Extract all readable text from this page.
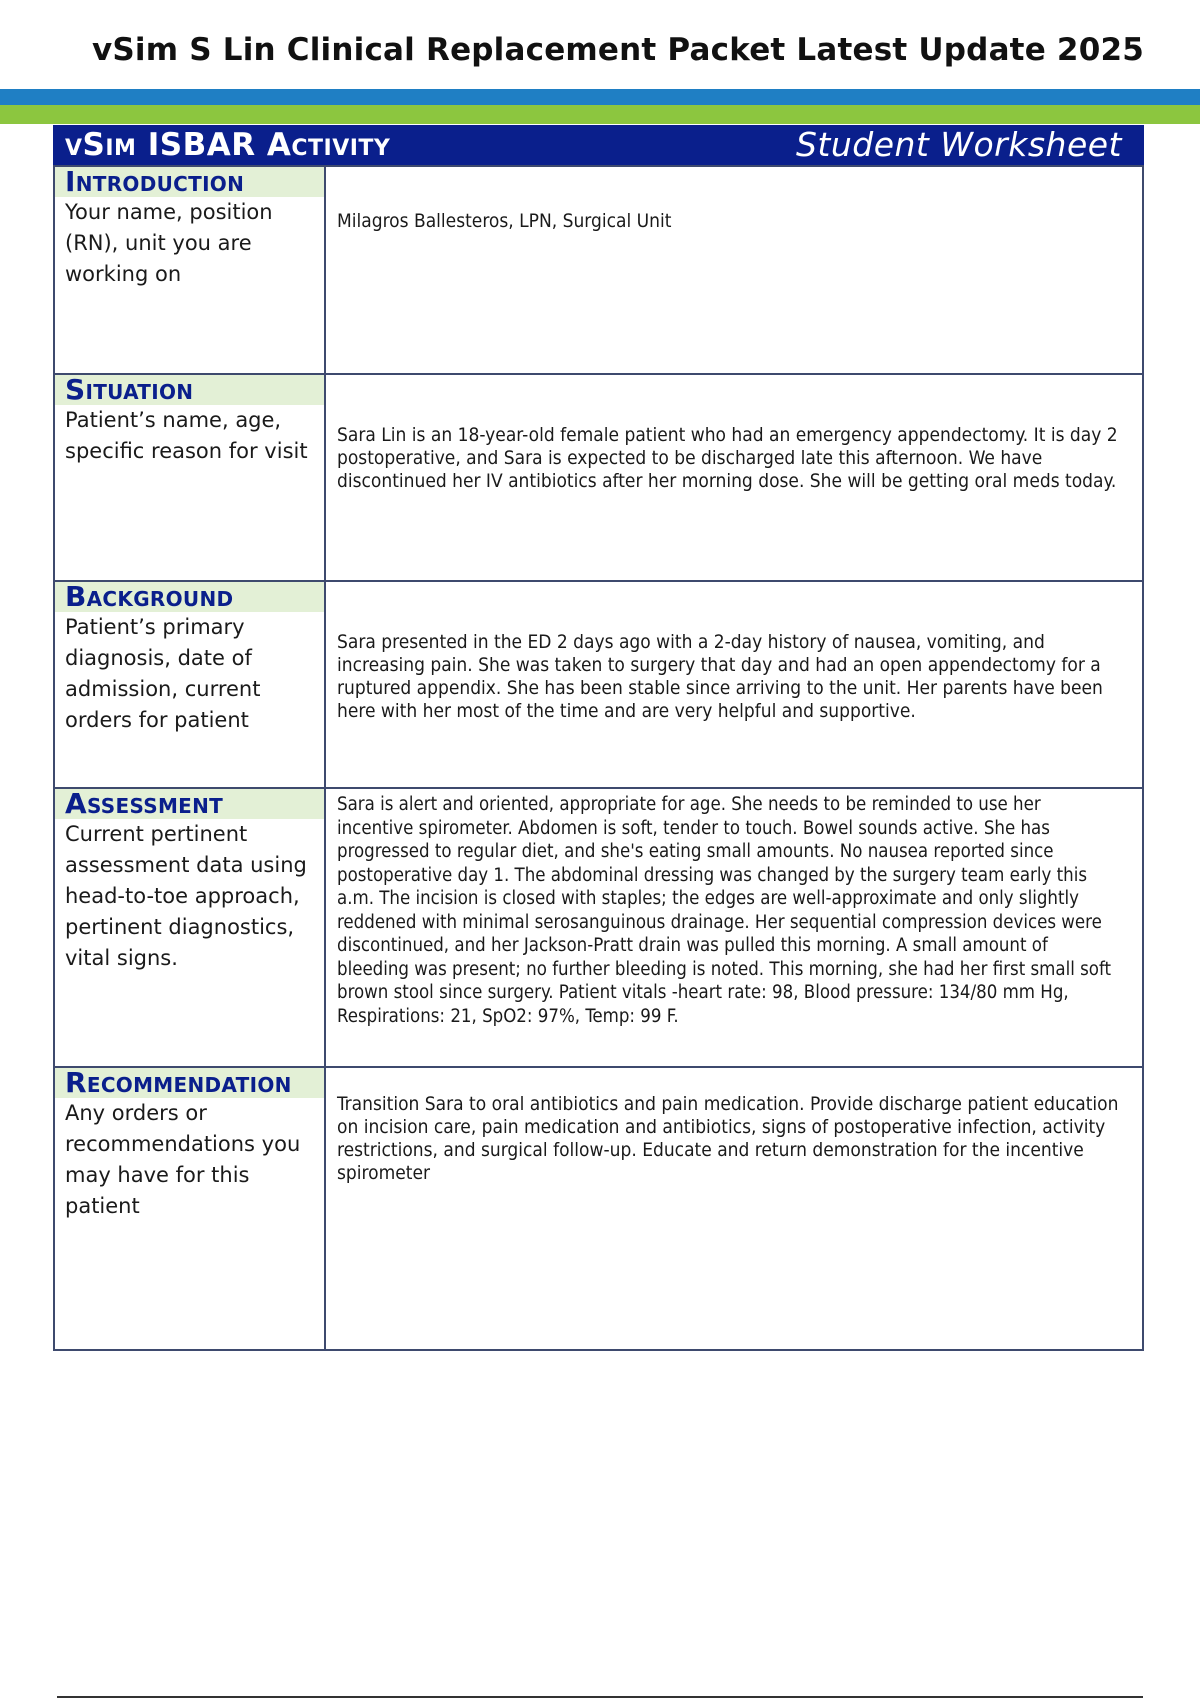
vSim S Lin Clinical Replacement Packet Latest Update 2025
vSim ISBAR Activity	Student Worksheet
Introduction
Your name, position (RN), unit you are working on
Milagros Ballesteros, LPN, Surgical Unit
Situation
Patient’s name, age, specific reason for visit
Sara Lin is an 18-year-old female patient who had an emergency appendectomy. It is day 2 postoperative, and Sara is expected to be discharged late this afternoon. We have discontinued her IV antibiotics after her morning dose. She will be getting oral meds today.
Background
Patient’s primary diagnosis, date of admission, current orders for patient
Sara presented in the ED 2 days ago with a 2-day history of nausea, vomiting, and increasing pain. She was taken to surgery that day and had an open appendectomy for a ruptured appendix. She has been stable since arriving to the unit. Her parents have been here with her most of the time and are very helpful and supportive.
Assessment
Current pertinent assessment data using head-to-toe approach, pertinent diagnostics, vital signs.
Sara is alert and oriented, appropriate for age. She needs to be reminded to use her incentive spirometer. Abdomen is soft, tender to touch. Bowel sounds active. She has progressed to regular diet, and she's eating small amounts. No nausea reported since postoperative day 1. The abdominal dressing was changed by the surgery team early this a.m. The incision is closed with staples; the edges are well-approximate and only slightly reddened with minimal serosanguinous drainage. Her sequential compression devices were discontinued, and her Jackson-Pratt drain was pulled this morning. A small amount of bleeding was present; no further bleeding is noted. This morning, she had her first small soft brown stool since surgery. Patient vitals -heart rate: 98, Blood pressure: 134/80 mm Hg, Respirations: 21, SpO2: 97%, Temp: 99 F.
Recommendation
Any orders or recommendations you may have for this patient
Transition Sara to oral antibiotics and pain medication. Provide discharge patient education on incision care, pain medication and antibiotics, signs of postoperative infection, activity restrictions, and surgical follow-up. Educate and return demonstration for the incentive spirometer
